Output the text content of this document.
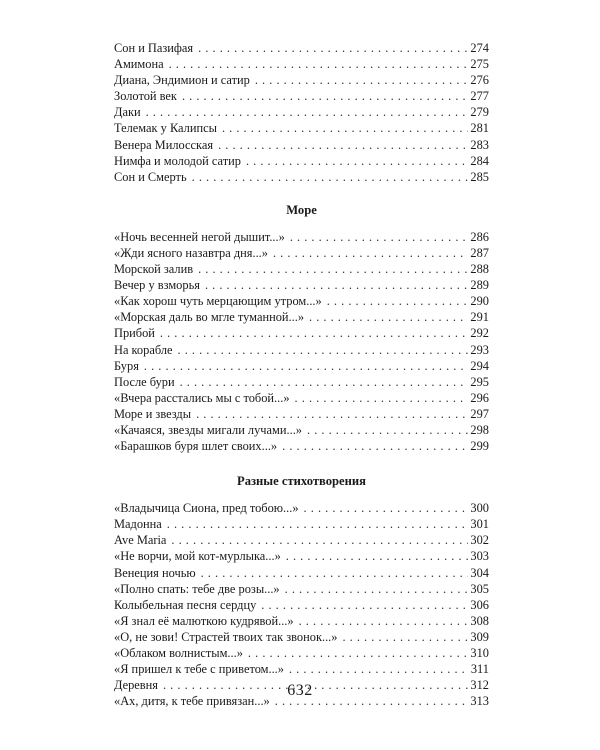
Сон и Пазифая . . .	274
Амимона . . .	275
Диана, Эндимион и сатир . . .	276
Золотой век . . .	277
Даки . . .	279
Телемак у Калипсы . . .	281
Венера Милосская . . .	283
Нимфа и молодой сатир . . .	284
Сон и Смерть . . .	285
Море
«Ночь весенней негой дышит...» . . .	286
«Жди ясного назавтра дня...» . . .	287
Морской залив . . .	288
Вечер у взморья . . .	289
«Как хорош чуть мерцающим утром...» . . .	290
«Морская даль во мгле туманной...» . . .	291
Прибой . . .	292
На корабле . . .	293
Буря . . .	294
После бури . . .	295
«Вчера расстались мы с тобой...» . . .	296
Море и звезды . . .	297
«Качаяся, звезды мигали лучами...» . . .	298
«Барашков буря шлет своих...» . . .	299
Разные стихотворения
«Владычица Сиона, пред тобою...» . . .	300
Мадонна . . .	301
Ave Maria . . .	302
«Не ворчи, мой кот-мурлыка...» . . .	303
Венеция ночью . . .	304
«Полно спать: тебе две розы...» . . .	305
Колыбельная песня сердцу . . .	306
«Я знал её малюткою кудрявой...» . . .	308
«О, не зови! Страстей твоих так звонок...» . . .	309
«Облаком волнистым...» . . .	310
«Я пришел к тебе с приветом...» . . .	311
Деревня . . .	312
«Ах, дитя, к тебе привязан...» . . .	313
632
